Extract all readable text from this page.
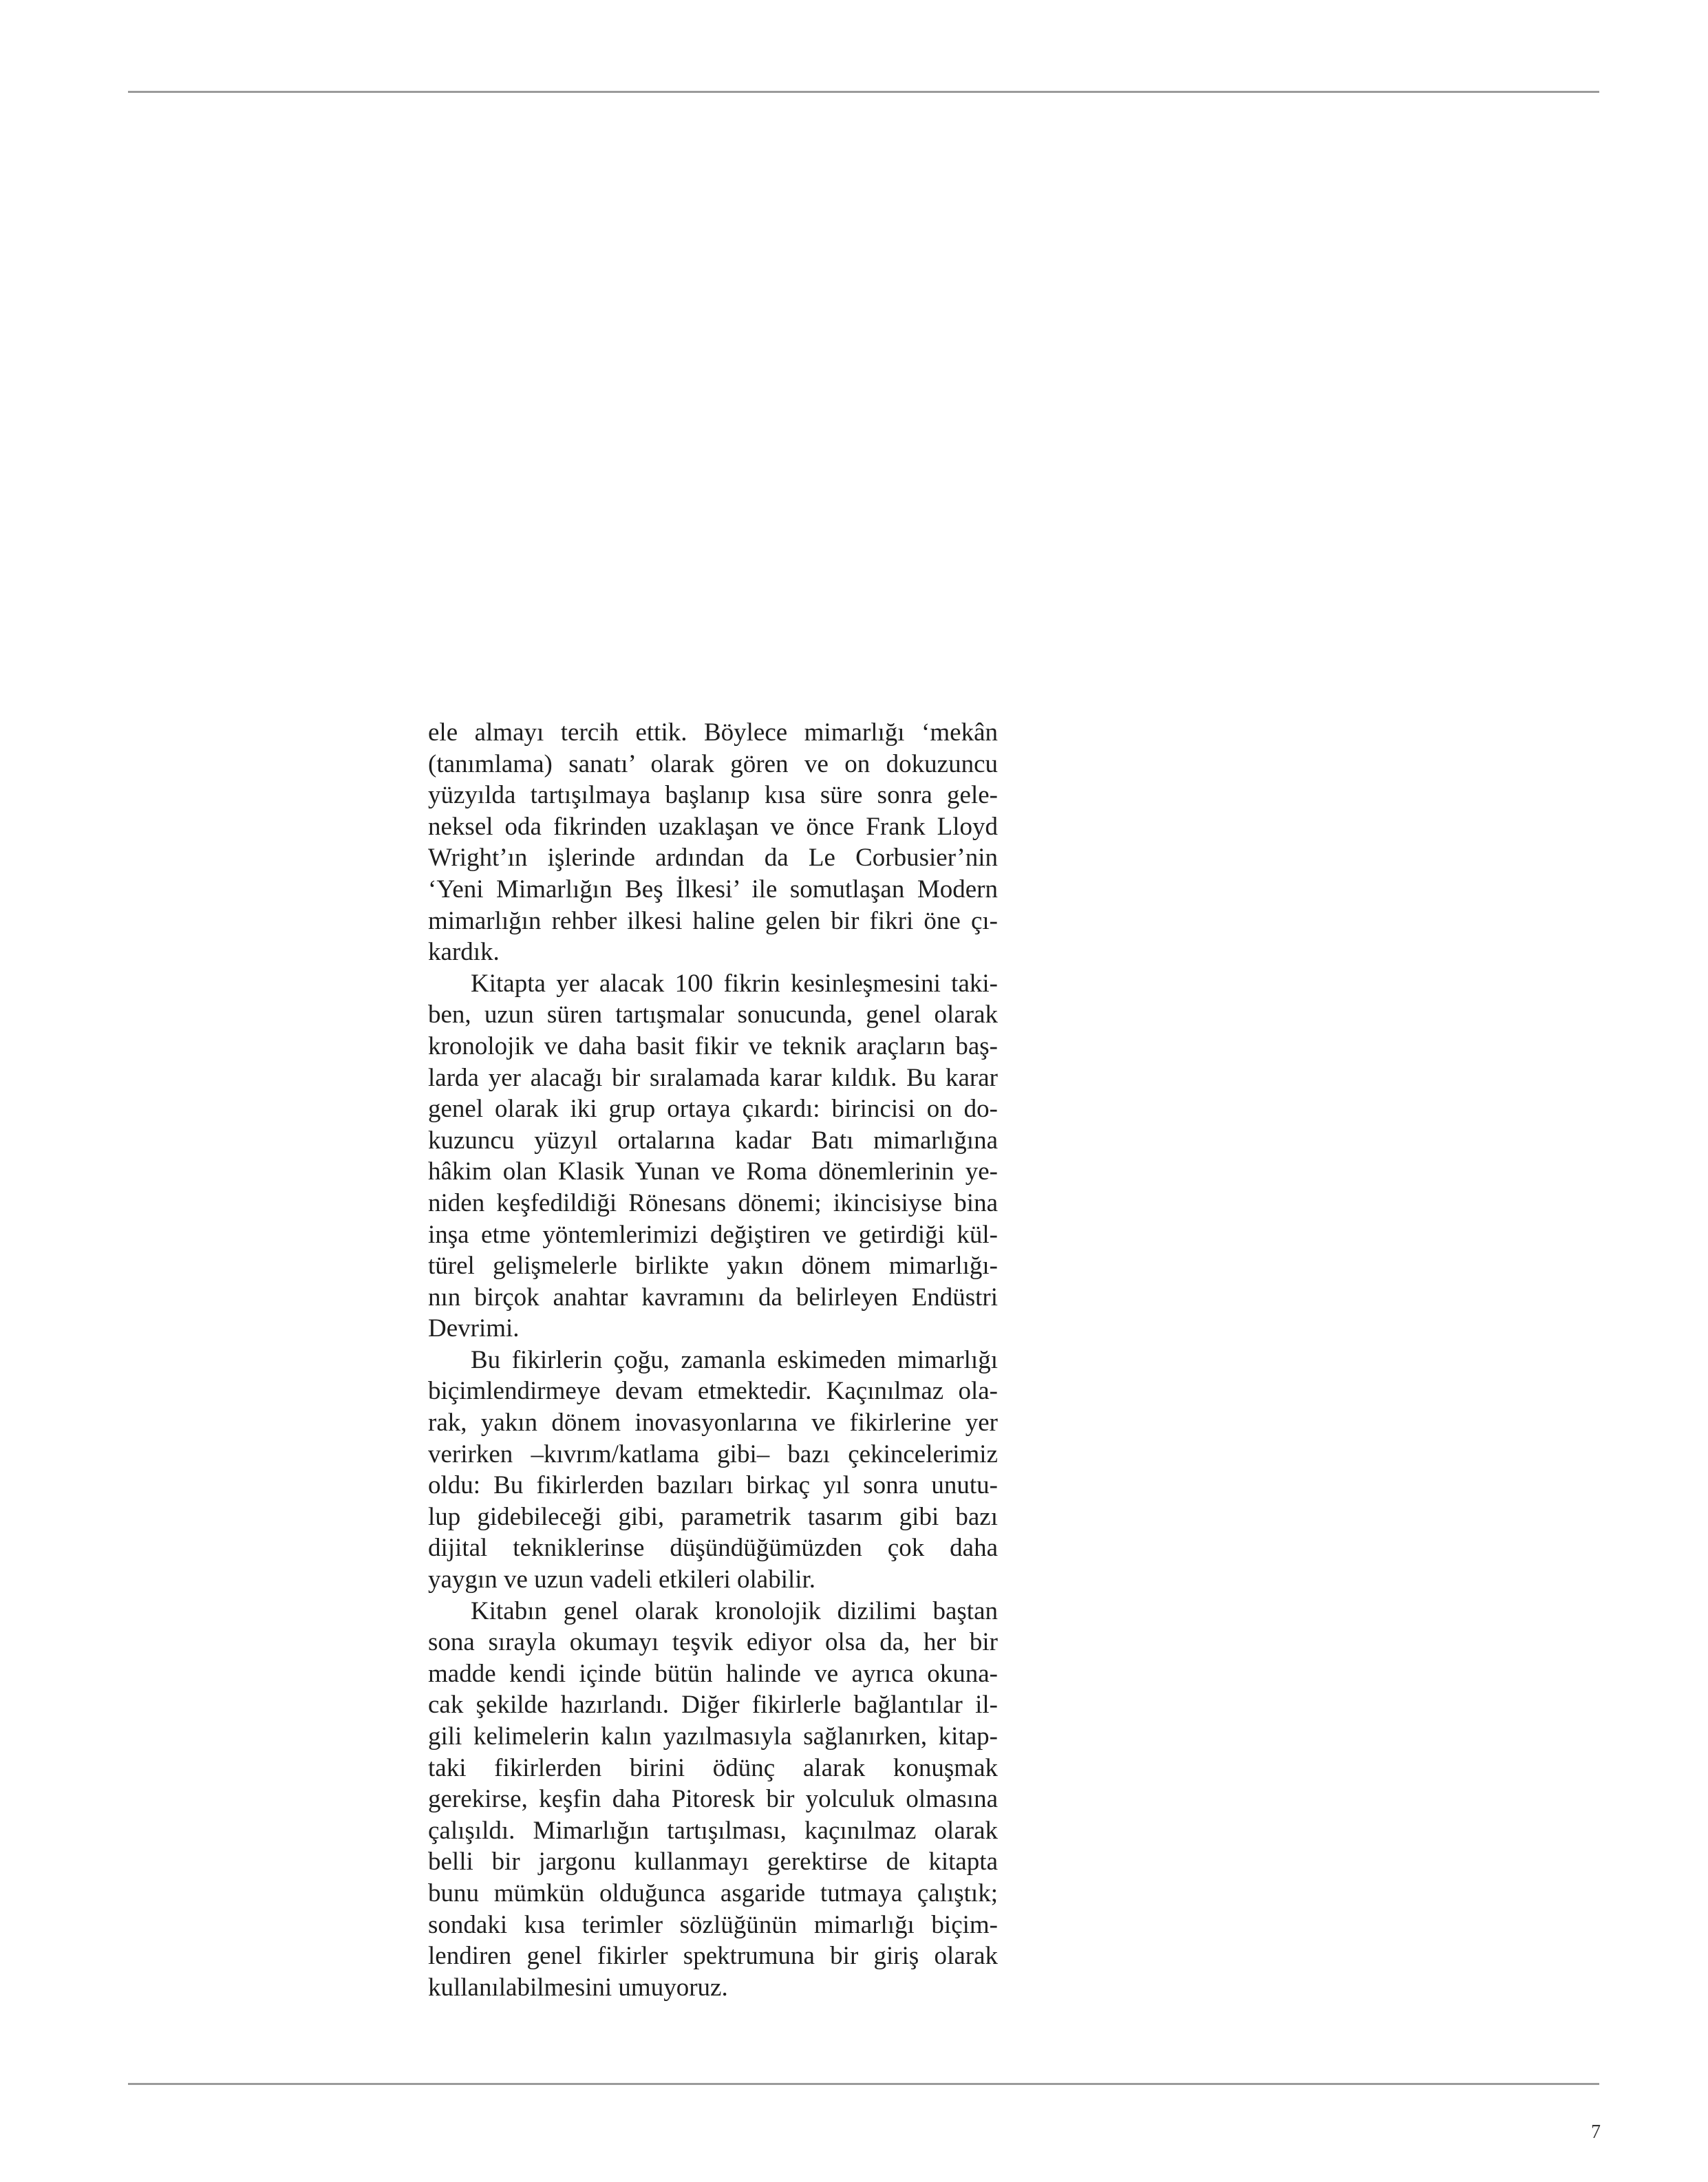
ele almayı tercih ettik. Böylece mimarlığı ‘mekân
(tanımlama) sanatı’ olarak gören ve on dokuzuncu
yüzyılda tartışılmaya başlanıp kısa süre sonra gele-
neksel oda fikrinden uzaklaşan ve önce Frank Lloyd
Wright’ın işlerinde ardından da Le Corbusier’nin
‘Yeni Mimarlığın Beş İlkesi’ ile somutlaşan Modern
mimarlığın rehber ilkesi haline gelen bir fikri öne çı-
kardık.
Kitapta yer alacak 100 fikrin kesinleşmesini taki-
ben, uzun süren tartışmalar sonucunda, genel olarak
kronolojik ve daha basit fikir ve teknik araçların baş-
larda yer alacağı bir sıralamada karar kıldık. Bu karar
genel olarak iki grup ortaya çıkardı: birincisi on do-
kuzuncu yüzyıl ortalarına kadar Batı mimarlığına
hâkim olan Klasik Yunan ve Roma dönemlerinin ye-
niden keşfedildiği Rönesans dönemi; ikincisiyse bina
inşa etme yöntemlerimizi değiştiren ve getirdiği kül-
türel gelişmelerle birlikte yakın dönem mimarlığı-
nın birçok anahtar kavramını da belirleyen Endüstri
Devrimi.
Bu fikirlerin çoğu, zamanla eskimeden mimarlığı
biçimlendirmeye devam etmektedir. Kaçınılmaz ola-
rak, yakın dönem inovasyonlarına ve fikirlerine yer
verirken –kıvrım/katlama gibi– bazı çekincelerimiz
oldu: Bu fikirlerden bazıları birkaç yıl sonra unutu-
lup gidebileceği gibi, parametrik tasarım gibi bazı
dijital tekniklerinse düşündüğümüzden çok daha
yaygın ve uzun vadeli etkileri olabilir.
Kitabın genel olarak kronolojik dizilimi baştan
sona sırayla okumayı teşvik ediyor olsa da, her bir
madde kendi içinde bütün halinde ve ayrıca okuna-
cak şekilde hazırlandı. Diğer fikirlerle bağlantılar il-
gili kelimelerin kalın yazılmasıyla sağlanırken, kitap-
taki fikirlerden birini ödünç alarak konuşmak
gerekirse, keşfin daha Pitoresk bir yolculuk olmasına
çalışıldı. Mimarlığın tartışılması, kaçınılmaz olarak
belli bir jargonu kullanmayı gerektirse de kitapta
bunu mümkün olduğunca asgaride tutmaya çalıştık;
sondaki kısa terimler sözlüğünün mimarlığı biçim-
lendiren genel fikirler spektrumuna bir giriş olarak
kullanılabilmesini umuyoruz.
7
